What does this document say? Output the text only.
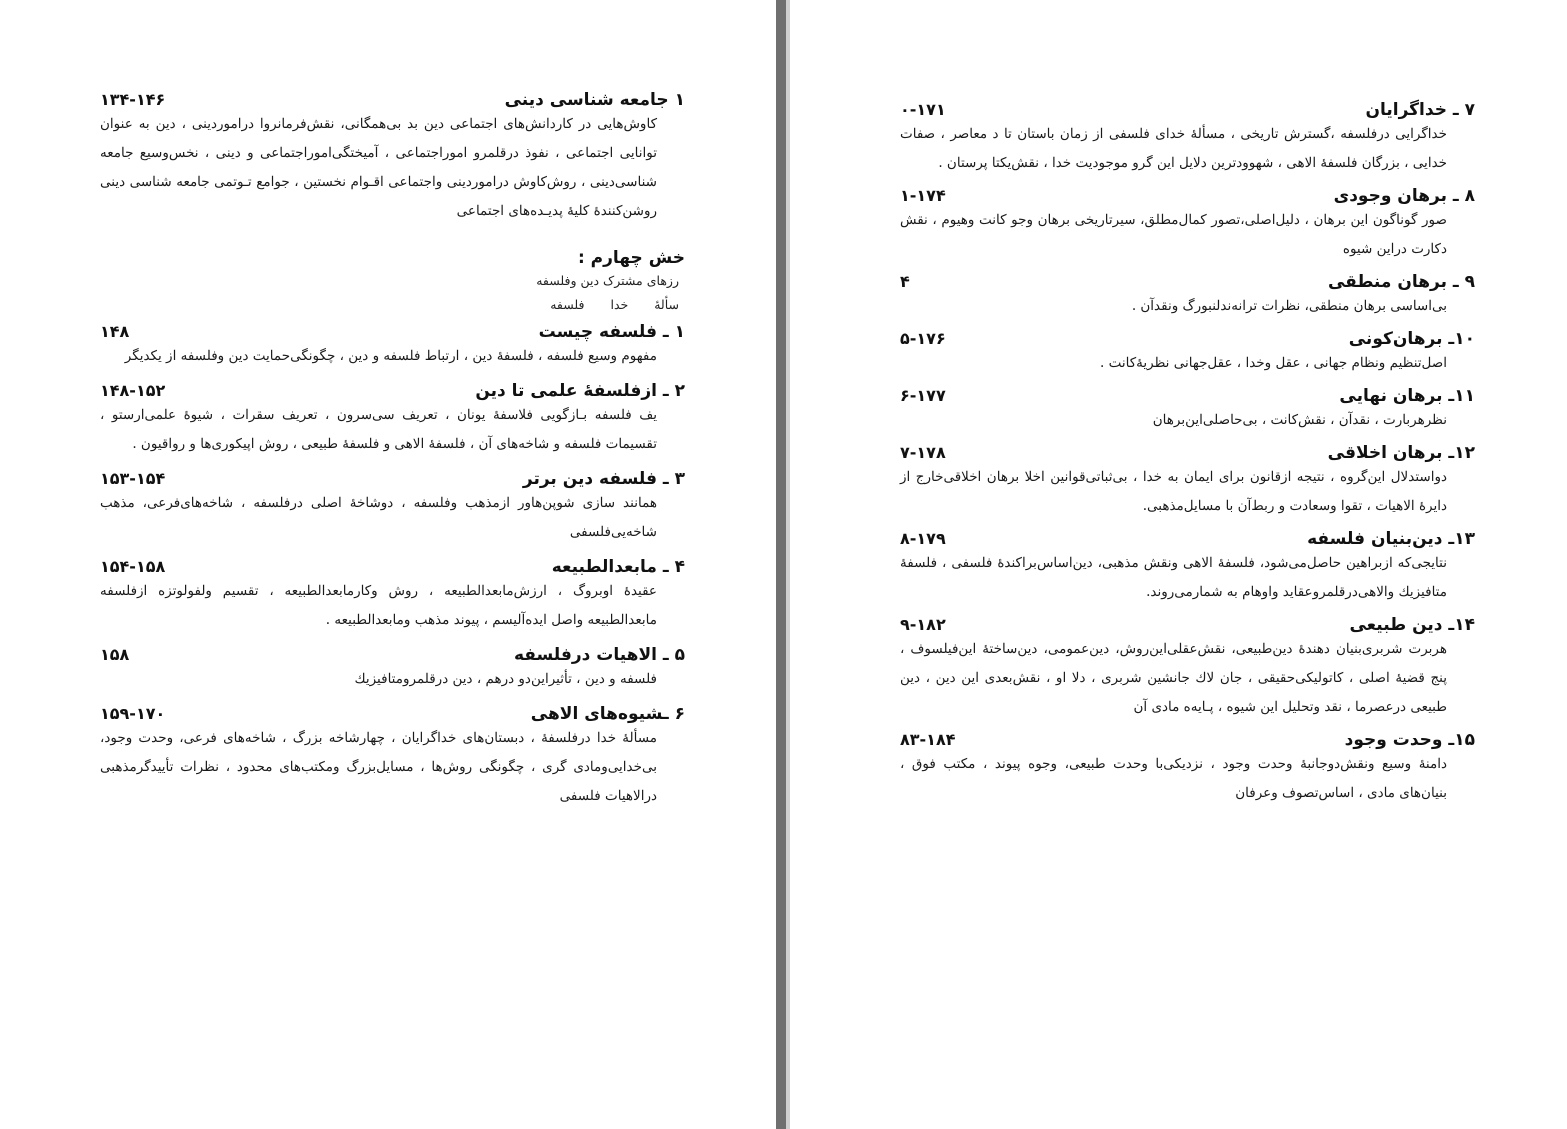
۱ جامعه شناسی دینی
۱۳۴-۱۴۶
کاوش‌هایی در کاردانش‌های اجتماعی دین بد بی‌همگانی، نقش‌فرمانروا دراموردینی ، دین به عنوان توانایی اجتماعی ، نفوذ درقلمرو اموراجتماعی ، آمیختگی‌اموراجتماعی و دینی ، نخس‌وسیع جامعه شناسی‌دینی ، روش‌کاوش دراموردینی واجتماعی اقـوام نخستین ، جوامع تـوتمی جامعه شناسی دینی روشن‌کنندهٔ کلیهٔ پدیـده‌های اجتماعی
خش چهارم :
رزهای مشترک دین وفلسفه
سألهٔ خدا فلسفه
۱ ـ فلسفه چیست
۱۴۸
مفهوم وسیع فلسفه ، فلسفهٔ دین ، ارتباط فلسفه و دین ، چگونگی‌حمایت دین وفلسفه از یکدیگر
۲ ـ ازفلسفهٔ علمی تا دین
۱۴۸-۱۵۲
یف فلسفه بـازگویی فلاسفهٔ یونان ، تعریف سی‌سرون ، تعریف سقرات ، شیوهٔ علمی‌ارستو ، تقسیمات فلسفه و شاخه‌های آن ، فلسفهٔ الاهی و فلسفهٔ طبیعی ، روش اپیکوری‌ها و رواقیون .
۳ ـ فلسفه دین برتر
۱۵۳-۱۵۴
همانند سازی شوپن‌هاور ازمذهب وفلسفه ، دوشاخهٔ اصلی درفلسفه ، شاخه‌های‌فرعی، مذهب شاخه‌یی‌فلسفی
۴ ـ مابعدالطبیعه
۱۵۴-۱۵۸
عقیدهٔ اوبروگ ، ارزش‌مابعدالطبیعه ، روش وکارمابعدالطبیعه ، تقسیم ولفولوتزه ازفلسفه مابعدالطبیعه واصل ایده‌آلیسم ، پیوند مذهب ومابعدالطبیعه .
۵ ـ الاهیات درفلسفه
۱۵۸
فلسفه و دین ، تأثیراین‌دو درهم ، دین درقلمرومتافیزیك
۶ ـشیوه‌های الاهی
۱۵۹-۱۷۰
مسألهٔ خدا درفلسفهٔ ، دبستان‌های خداگرایان ، چهارشاخه بزرگ ، شاخه‌های فرعی، وحدت وجود، بی‌خدایی‌ومادی گری ، چگونگی روش‌ها ، مسایل‌بزرگ ومکتب‌های محدود ، نظرات تأییدگرمذهبی درالاهیات فلسفی
۷ ـ خداگرایان
۰-۱۷۱
خداگرایی درفلسفه ،گسترش تاریخی ، مسألهٔ خدای فلسفی از زمان باستان تا د معاصر ، صفات خدایی ، بزرگان فلسفهٔ الاهی ، شهوودترین دلایل این گرو موجودیت خدا ، نقش‌یکتا پرستان .
۸ ـ برهان وجودی
۱-۱۷۴
صور گوناگون این برهان ، دلیل‌اصلی،تصور کمال‌مطلق، سیرتاریخی برهان وجو کانت وهیوم ، نقش دکارت دراین شیوه
۹ ـ برهان منطقی
۴
بی‌اساسی برهان منطقی، نظرات ترانه‌ندلنبورگ ونقدآن .
۱۰ـ برهان‌کونی
۵-۱۷۶
اصل‌تنظیم ونظام جهانی ، عقل وخدا ، عقل‌جهانی نظریهٔ‌کانت .
۱۱ـ برهان نهایی
۶-۱۷۷
نظرهربارت ، نقدآن ، نقش‌کانت ، بی‌حاصلی‌این‌برهان
۱۲ـ برهان اخلاقی
۷-۱۷۸
دواستدلال این‌گروه ، نتیجه ازقانون برای ایمان به خدا ، بی‌ثباتی‌قوانین اخلا برهان اخلاقی‌خارج از دایرهٔ الاهیات ، تقوا وسعادت و ربط‌آن با مسایل‌مذهبی.
۱۳ـ دین‌بنیان فلسفه
۸-۱۷۹
نتایجی‌که ازبراهین حاصل‌می‌شود، فلسفهٔ الاهی ونقش مذهبی، دین‌اساس‌براکندهٔ فلسفی ، فلسفهٔ متافیزیك والاهی‌درقلمروعقاید واوهام به شمارمی‌روند.
۱۴ـ دین طبیعی
۹-۱۸۲
هربرت شربری‌بنیان دهندهٔ دین‌طبیعی، نقش‌عقلی‌این‌روش، دین‌عمومی، دین‌ساختهٔ این‌فیلسوف ، پنج قضیهٔ اصلی ، کاتولیکی‌حقیقی ، جان لاك جانشین شربری ، دلا او ، نقش‌بعدی این دین ، دین طبیعی درعصرما ، نقد وتحلیل این شیوه ، پـایه‌ه مادی آن
۱۵ـ وحدت وجود
۸۳-۱۸۴
دامنهٔ وسیع ونقش‌دوجانبهٔ وحدت وجود ، نزدیکی‌با وحدت طبیعی، وجوه پیوند ، مکتب فوق ، بنیان‌های مادی ، اساس‌تصوف وعرفان
